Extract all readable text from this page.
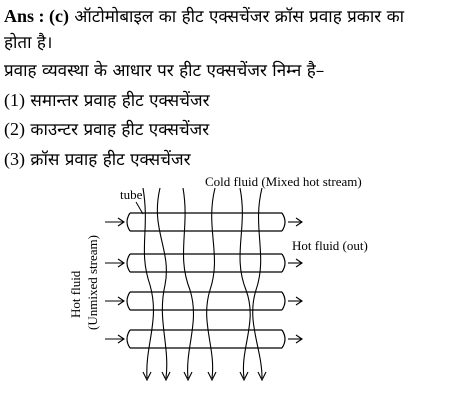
Ans : (c) ऑटोमोबाइल का हीट एक्सचेंजर क्रॉस प्रवाह प्रकार का
होता है।
प्रवाह व्यवस्था के आधार पर हीट एक्सचेंजर निम्न है–
(1) समान्तर प्रवाह हीट एक्सचेंजर
(2) काउन्टर प्रवाह हीट एक्सचेंजर
(3) क्रॉस प्रवाह हीट एक्सचेंजर
Cold fluid (Mixed hot stream)
tube
Hot fluid (out)
Hot fluid (Unmixed stream)
